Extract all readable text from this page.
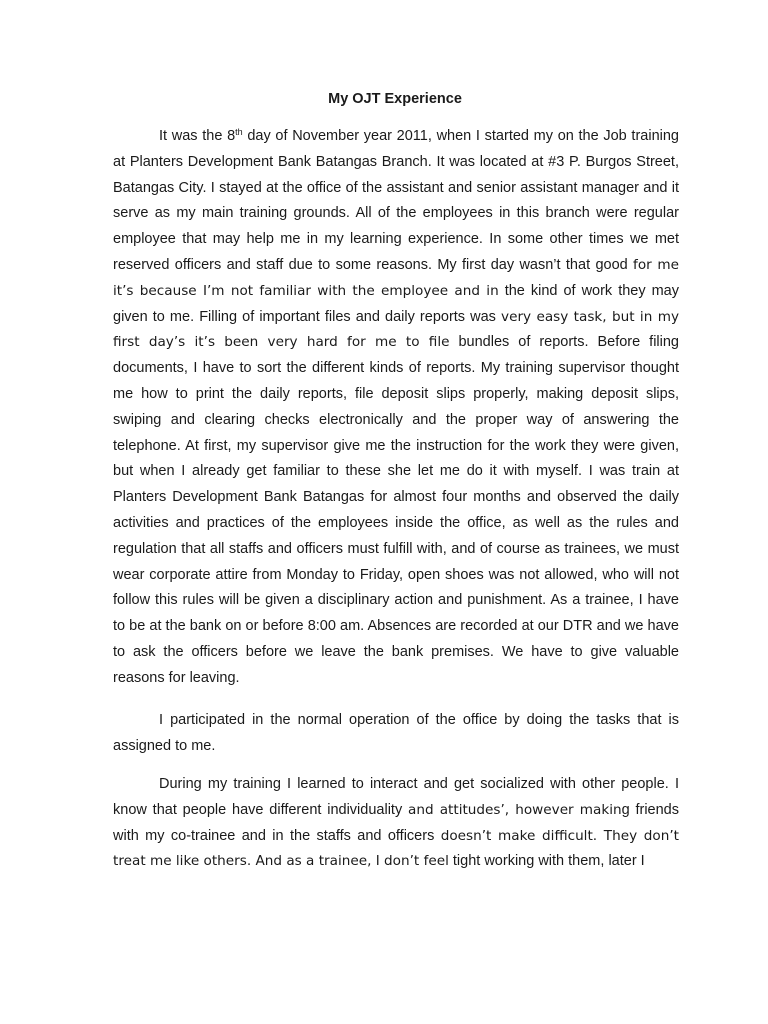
My OJT Experience

It was the 8th day of November year 2011, when I started my on the Job training at Planters Development Bank Batangas Branch. It was located at #3 P. Burgos Street, Batangas City. I stayed at the office of the assistant and senior assistant manager and it serve as my main training grounds. All of the employees in this branch were regular employee that may help me in my learning experience. In some other times we met reserved officers and staff due to some reasons. My first day wasn’t that good for me it’s because I’m not familiar with the employee and in the kind of work they may given to me. Filling of important files and daily reports was very easy task, but in my first day’s it’s been very hard for me to file bundles of reports. Before filing documents, I have to sort the different kinds of reports. My training supervisor thought me how to print the daily reports, file deposit slips properly, making deposit slips, swiping and clearing checks electronically and the proper way of answering the telephone. At first, my supervisor give me the instruction for the work they were given, but when I already get familiar to these she let me do it with myself. I was train at Planters Development Bank Batangas for almost four months and observed the daily activities and practices of the employees inside the office, as well as the rules and regulation that all staffs and officers must fulfill with, and of course as trainees, we must wear corporate attire from Monday to Friday, open shoes was not allowed, who will not follow this rules will be given a disciplinary action and punishment. As a trainee, I have to be at the bank on or before 8:00 am. Absences are recorded at our DTR and we have to ask the officers before we leave the bank premises. We have to give valuable reasons for leaving.

I participated in the normal operation of the office by doing the tasks that is assigned to me.

During my training I learned to interact and get socialized with other people. I know that people have different individuality and attitudes’, however making friends with my co-trainee and in the staffs and officers doesn’t make difficult. They don’t treat me like others. And as a trainee, I don’t feel tight working with them, later I
